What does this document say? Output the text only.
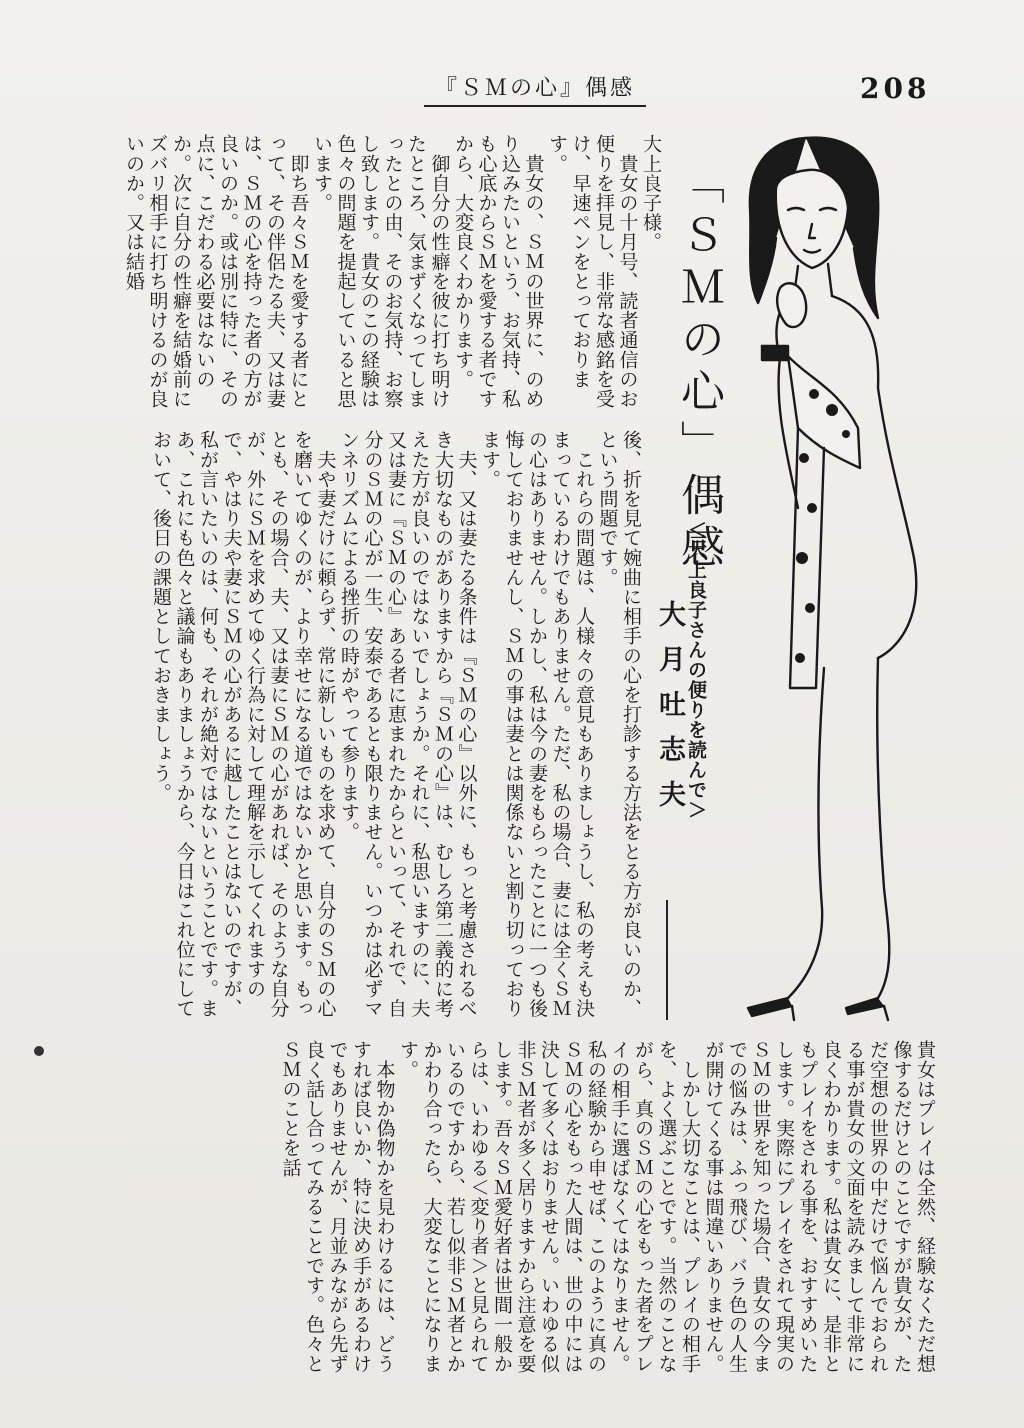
『ＳＭの心』偶感	208
「ＳＭの心」偶感
＜大上良子さんの便りを読んで＞
大月吐志夫
後、折を見て婉曲に相手の心を打診する方法をとる方が良いのか、という問題です。
　これらの問題は、人様々の意見もありましょうし、私の考えも決まっているわけでもありません。ただ、私の場合、妻には全くＳＭの心はありません。しかし、私は今の妻をもらったことに一つも後悔しておりませんし、ＳＭの事は妻とは関係ないと割り切っております。
　夫、又は妻たる条件は『ＳＭの心』以外に、もっと考慮されるべき大切なものがありますから『ＳＭの心』は、むしろ第二義的に考えた方が良いのではないでしょうか。それに、私思いますのに、夫又は妻に『ＳＭの心』ある者に恵まれたからといって、それで、自分のＳＭの心が一生、安泰であるとも限りません。いつかは必ずマンネリズムによる挫折の時がやって参ります。
　夫や妻だけに頼らず、常に新しいものを求めて、自分のＳＭの心を磨いてゆくのが、より幸せになる道ではないかと思います。もっとも、その場合、夫、又は妻にＳＭの心があれば、そのような自分が、外にＳＭを求めてゆく行為に対して理解を示してくれますので、やはり夫や妻にＳＭの心があるに越したことはないのですが、私が言いたいのは、何も、それが絶対ではないということです。まあ、これにも色々と議論もありましょうから、今日はこれ位にしておいて、後日の課題としておきましょう。
大上良子様。
　貴女の十月号、読者通信のお便りを拝見し、非常な感銘を受け、早速ペンをとっております。
　貴女の、ＳＭの世界に、のめり込みたいという、お気持、私も心底からＳＭを愛する者ですから、大変良くわかります。
　御自分の性癖を彼に打ち明けたところ、気まずくなってしまったとの由、そのお気持、お察し致します。貴女のこの経験は色々の問題を提起していると思います。
　即ち吾々ＳＭを愛する者にとって、その伴侶たる夫、又は妻は、ＳＭの心を持った者の方が良いのか。或は別に特に、その点に、こだわる必要はないのか。次に自分の性癖を結婚前にズバリ相手に打ち明けるのが良いのか。又は結婚
貴女はプレイは全然、経験なくただ想像するだけとのことですが貴女が、ただ空想の世界の中だけで悩んでおられる事が貴女の文面を読みまして非常に良くわかります。私は貴女に、是非ともプレイをされる事を、おすすめいたします。実際にプレイをされて現実のＳＭの世界を知った場合、貴女の今までの悩みは、ふっ飛び、バラ色の人生が開けてくる事は間違いありません。
　しかし大切なことは、プレイの相手を、よく選ぶことです。当然のことながら、真のＳＭの心をもった者をプレイの相手に選ばなくてはなりません。私の経験から申せば、このように真のＳＭの心をもった人間は、世の中には決して多くはおりません。いわゆる似非ＳＭ者が多く居りますから注意を要します。吾々ＳＭ愛好者は世間一般からは、いわゆる＜変り者＞と見られているのですから、若し似非ＳＭ者とかかわり合ったら、大変なことになります。
　本物か偽物かを見わけるには、どうすれば良いか、特に決め手があるわけでもありませんが、月並みながら先ず良く話し合ってみることです。色々とＳＭのことを話
